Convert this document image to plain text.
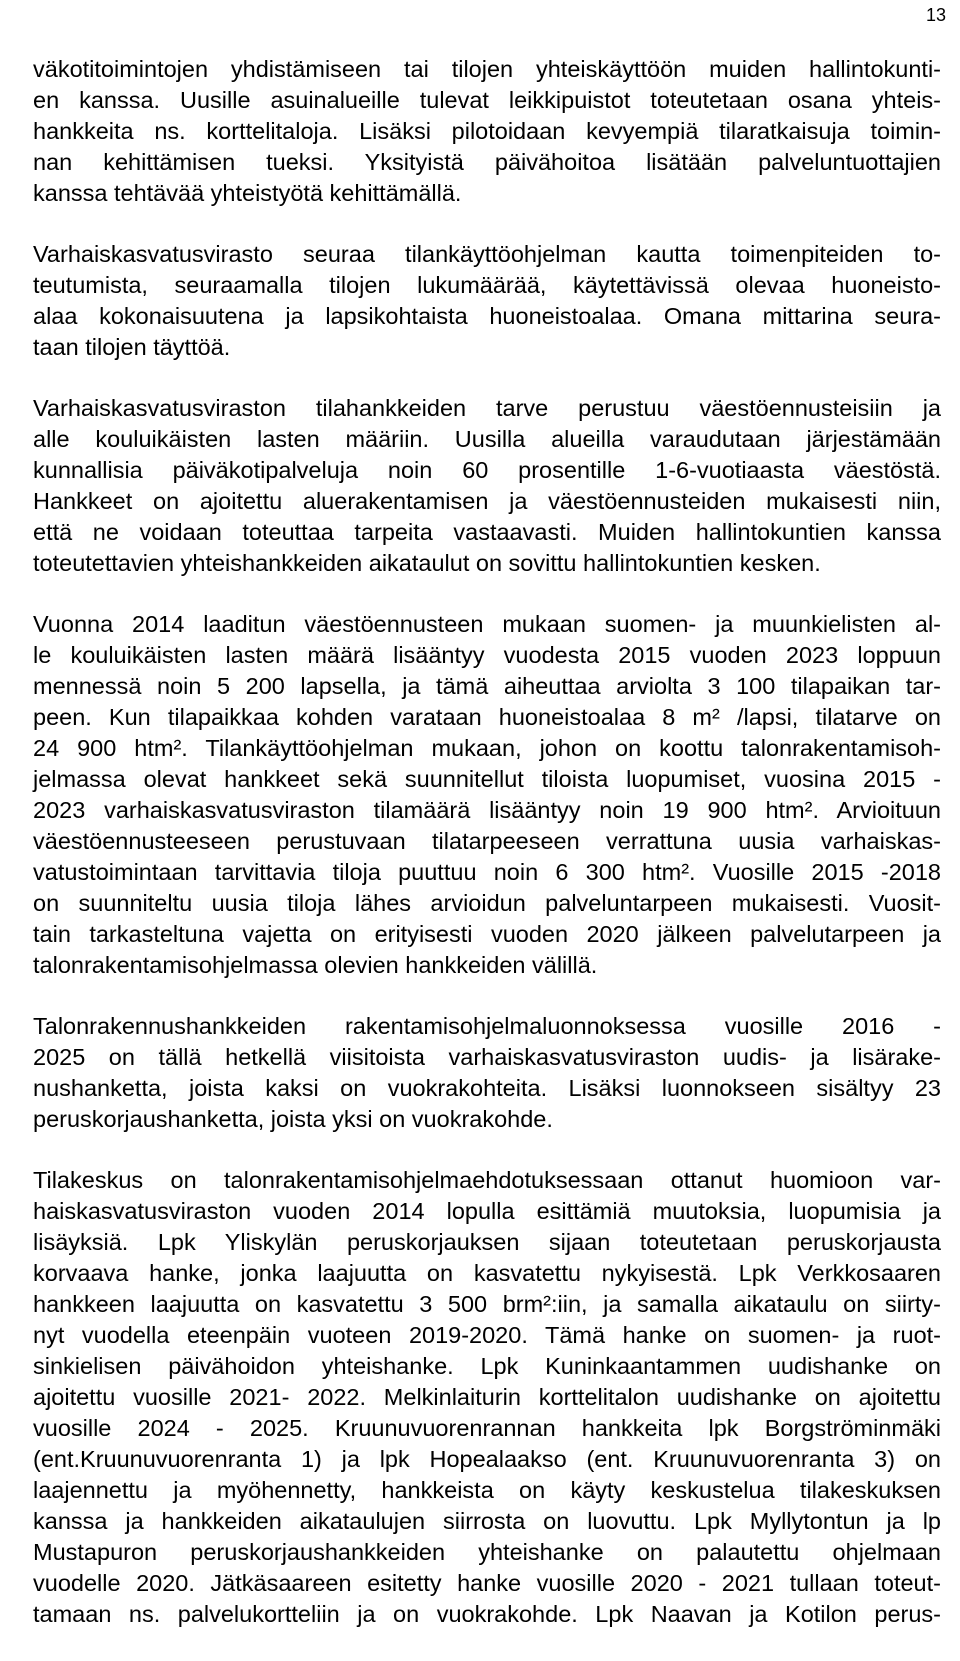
13
väkotitoimintojen yhdistämiseen tai tilojen yhteiskäyttöön muiden hallintokunti-
en kanssa. Uusille asuinalueille tulevat leikkipuistot toteutetaan osana yhteis-
hankkeita ns. korttelitaloja. Lisäksi pilotoidaan kevyempiä tilaratkaisuja toimin-
nan kehittämisen tueksi. Yksityistä päivähoitoa lisätään palveluntuottajien
kanssa tehtävää yhteistyötä kehittämällä.
Varhaiskasvatusvirasto seuraa tilankäyttöohjelman kautta toimenpiteiden to-
teutumista, seuraamalla tilojen lukumäärää, käytettävissä olevaa huoneisto-
alaa kokonaisuutena ja lapsikohtaista huoneistoalaa. Omana mittarina seura-
taan tilojen täyttöä.
Varhaiskasvatusviraston tilahankkeiden tarve perustuu väestöennusteisiin ja
alle kouluikäisten lasten määriin. Uusilla alueilla varaudutaan järjestämään
kunnallisia päiväkotipalveluja noin 60 prosentille 1-6-vuotiaasta väestöstä.
Hankkeet on ajoitettu aluerakentamisen ja väestöennusteiden mukaisesti niin,
että ne voidaan toteuttaa tarpeita vastaavasti. Muiden hallintokuntien kanssa
toteutettavien yhteishankkeiden aikataulut on sovittu hallintokuntien kesken.
Vuonna 2014 laaditun väestöennusteen mukaan suomen- ja muunkielisten al-
le kouluikäisten lasten määrä lisääntyy vuodesta 2015 vuoden 2023 loppuun
mennessä noin 5 200 lapsella, ja tämä aiheuttaa arviolta 3 100 tilapaikan tar-
peen. Kun tilapaikkaa kohden varataan huoneistoalaa 8 m² /lapsi, tilatarve on
24 900 htm². Tilankäyttöohjelman mukaan, johon on koottu talonrakentamisoh-
jelmassa olevat hankkeet sekä suunnitellut tiloista luopumiset, vuosina 2015 -
2023 varhaiskasvatusviraston tilamäärä lisääntyy noin 19 900 htm². Arvioituun
väestöennusteeseen perustuvaan tilatarpeeseen verrattuna uusia varhaiskas-
vatustoimintaan tarvittavia tiloja puuttuu noin 6 300 htm². Vuosille 2015 -2018
on suunniteltu uusia tiloja lähes arvioidun palveluntarpeen mukaisesti. Vuosit-
tain tarkasteltuna vajetta on erityisesti vuoden 2020 jälkeen palvelutarpeen ja
talonrakentamisohjelmassa olevien hankkeiden välillä.
Talonrakennushankkeiden rakentamisohjelmaluonnoksessa vuosille 2016 -
2025 on tällä hetkellä viisitoista varhaiskasvatusviraston uudis- ja lisärake-
nushanketta, joista kaksi on vuokrakohteita. Lisäksi luonnokseen sisältyy 23
peruskorjaushanketta, joista yksi on vuokrakohde.
Tilakeskus on talonrakentamisohjelmaehdotuksessaan ottanut huomioon var-
haiskasvatusviraston vuoden 2014 lopulla esittämiä muutoksia, luopumisia ja
lisäyksiä. Lpk Yliskylän peruskorjauksen sijaan toteutetaan peruskorjausta
korvaava hanke, jonka laajuutta on kasvatettu nykyisestä. Lpk Verkkosaaren
hankkeen laajuutta on kasvatettu 3 500 brm²:iin, ja samalla aikataulu on siirty-
nyt vuodella eteenpäin vuoteen 2019-2020. Tämä hanke on suomen- ja ruot-
sinkielisen päivähoidon yhteishanke. Lpk Kuninkaantammen uudishanke on
ajoitettu vuosille 2021- 2022. Melkinlaiturin korttelitalon uudishanke on ajoitettu
vuosille 2024 - 2025. Kruunuvuorenrannan hankkeita lpk Borgströminmäki
(ent.Kruunuvuorenranta 1) ja lpk Hopealaakso (ent. Kruunuvuorenranta 3) on
laajennettu ja myöhennetty, hankkeista on käyty keskustelua tilakeskuksen
kanssa ja hankkeiden aikataulujen siirrosta on luovuttu. Lpk Myllytontun ja lp
Mustapuron peruskorjaushankkeiden yhteishanke on palautettu ohjelmaan
vuodelle 2020. Jätkäsaareen esitetty hanke vuosille 2020 - 2021 tullaan toteut-
tamaan ns. palvelukortteliin ja on vuokrakohde. Lpk Naavan ja Kotilon perus-
